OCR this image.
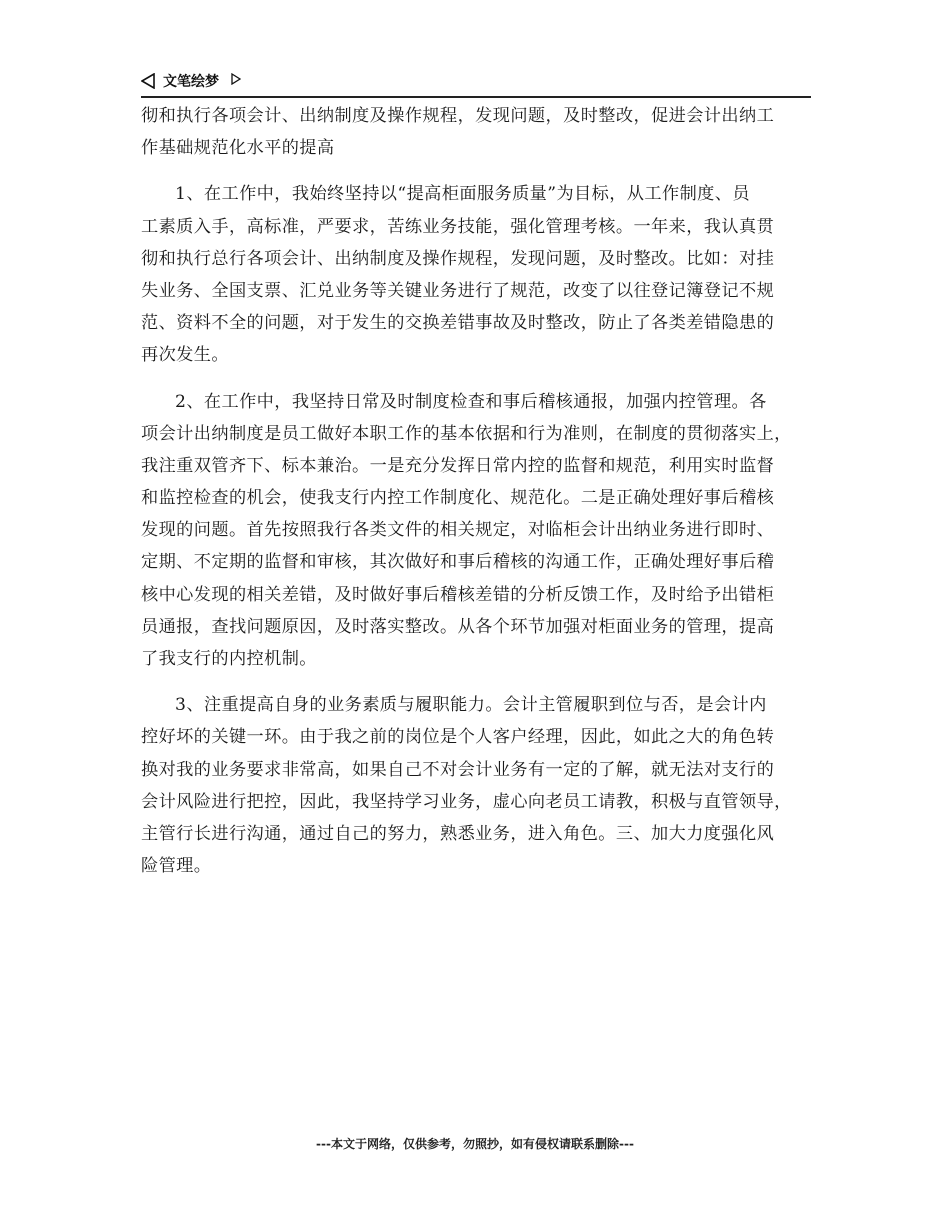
文笔绘梦
彻和执行各项会计、出纳制度及操作规程，发现问题，及时整改，促进会计出纳工
作基础规范化水平的提高
1、在工作中，我始终坚持以“提高柜面服务质量”为目标，从工作制度、员
工素质入手，高标准，严要求，苦练业务技能，强化管理考核。一年来，我认真贯
彻和执行总行各项会计、出纳制度及操作规程，发现问题，及时整改。比如：对挂
失业务、全国支票、汇兑业务等关键业务进行了规范，改变了以往登记簿登记不规
范、资料不全的问题，对于发生的交换差错事故及时整改，防止了各类差错隐患的
再次发生。
2、在工作中，我坚持日常及时制度检查和事后稽核通报，加强内控管理。各
项会计出纳制度是员工做好本职工作的基本依据和行为准则，在制度的贯彻落实上，
我注重双管齐下、标本兼治。一是充分发挥日常内控的监督和规范，利用实时监督
和监控检查的机会，使我支行内控工作制度化、规范化。二是正确处理好事后稽核
发现的问题。首先按照我行各类文件的相关规定，对临柜会计出纳业务进行即时、
定期、不定期的监督和审核，其次做好和事后稽核的沟通工作，正确处理好事后稽
核中心发现的相关差错，及时做好事后稽核差错的分析反馈工作，及时给予出错柜
员通报，查找问题原因，及时落实整改。从各个环节加强对柜面业务的管理，提高
了我支行的内控机制。
3、注重提高自身的业务素质与履职能力。会计主管履职到位与否，是会计内
控好坏的关键一环。由于我之前的岗位是个人客户经理，因此，如此之大的角色转
换对我的业务要求非常高，如果自己不对会计业务有一定的了解，就无法对支行的
会计风险进行把控，因此，我坚持学习业务，虚心向老员工请教，积极与直管领导，
主管行长进行沟通，通过自己的努力，熟悉业务，进入角色。三、加大力度强化风
险管理。
---本文于网络，仅供参考，勿照抄，如有侵权请联系删除---
